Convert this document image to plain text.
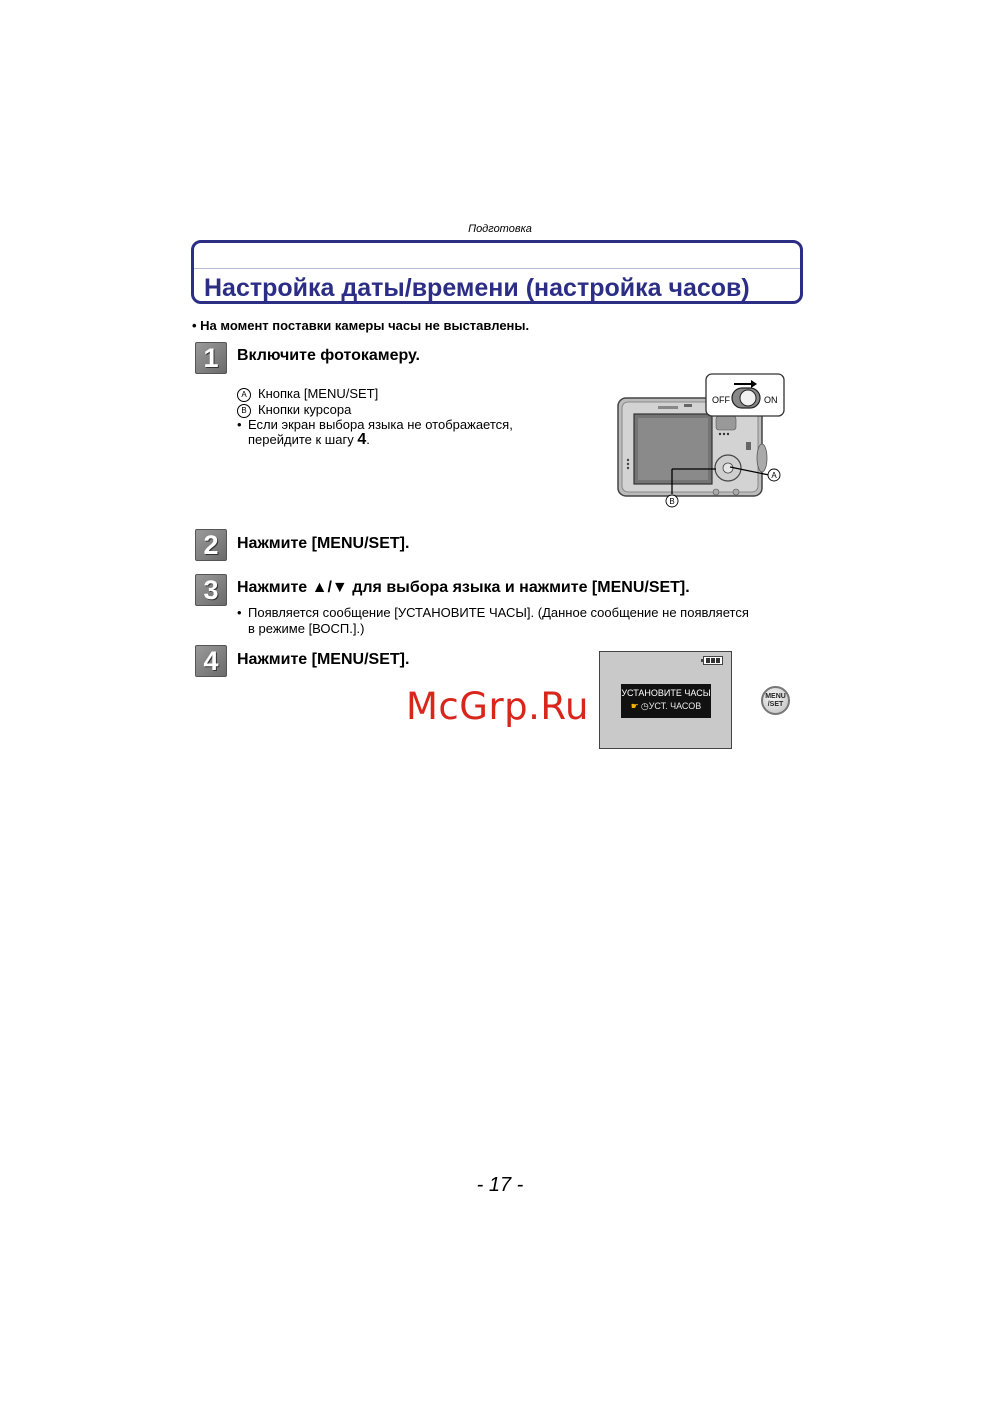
Подготовка
Настройка даты/времени (настройка часов)
• На момент поставки камеры часы не выставлены.
1	Включите фотокамеру.
A Кнопка [MENU/SET]
B Кнопки курсора
• Если экран выбора языка не отображается,
перейдите к шагу 4.
OFF	ON
A
B
2	Нажмите [MENU/SET].
3	Нажмите ▲/▼ для выбора языка и нажмите [MENU/SET].
• Появляется сообщение [УСТАНОВИТЕ ЧАСЫ]. (Данное сообщение не появляется
в режиме [ВОСП.].)
4	Нажмите [MENU/SET].
УСТАНОВИТЕ ЧАСЫ
☛ ◷УСТ. ЧАСОВ
MENU
/SET
McGrp.Ru
- 17 -
